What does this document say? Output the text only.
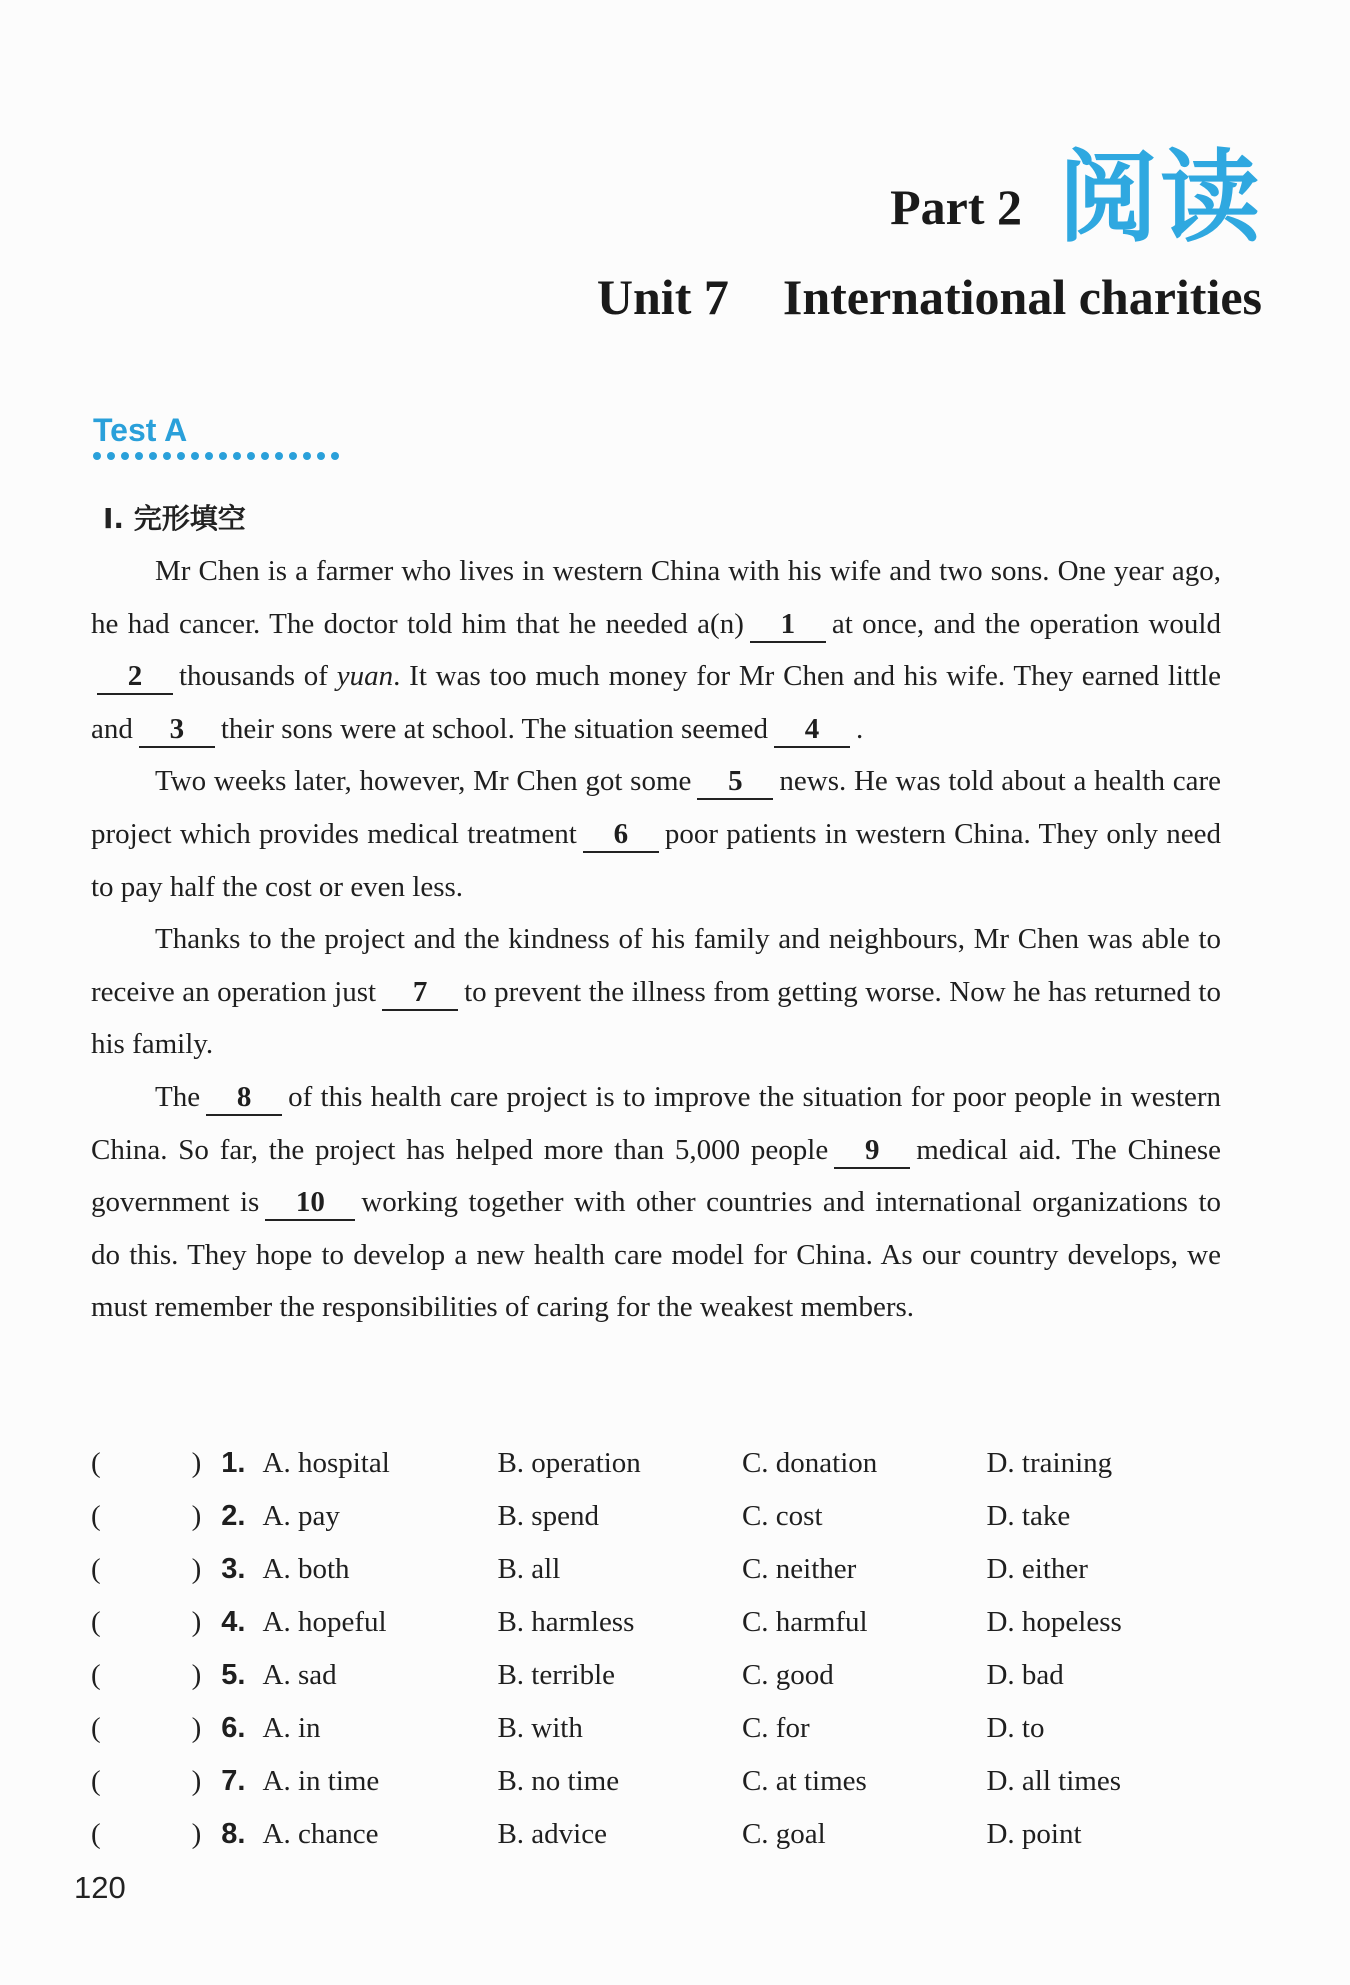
Part 2 阅读
Unit 7 International charities
Test A
Ⅰ. 完形填空

Mr Chen is a farmer who lives in western China with his wife and two sons. One year ago, he had cancer. The doctor told him that he needed a(n) 1 at once, and the operation would2 thousands of yuan. It was too much money for Mr Chen and his wife. They earned little and 3 their sons were at school. The situation seemed 4 .

Two weeks later, however, Mr Chen got some 5 news. He was told about a health care project which provides medical treatment 6 poor patients in western China. They only need to pay half the cost or even less.

Thanks to the project and the kindness of his family and neighbours, Mr Chen was able to receive an operation just 7 to prevent the illness from getting worse. Now he has returned to his family.

The 8 of this health care project is to improve the situation for poor people in western China. So far, the project has helped more than 5,000 people 9 medical aid. The Chinese government is 10 working together with other countries and international organizations to do this. They hope to develop a new health care model for China. As our country develops, we must remember the responsibilities of caring for the weakest members.

(	) 1. A. hospital	B. operation	C. donation	D. training
(	) 2. A. pay	B. spend	C. cost	D. take
(	) 3. A. both	B. all	C. neither	D. either
(	) 4. A. hopeful	B. harmless	C. harmful	D. hopeless
(	) 5. A. sad	B. terrible	C. good	D. bad
(	) 6. A. in	B. with	C. for	D. to
(	) 7. A. in time	B. no time	C. at times	D. all times
(	) 8. A. chance	B. advice	C. goal	D. point
120
